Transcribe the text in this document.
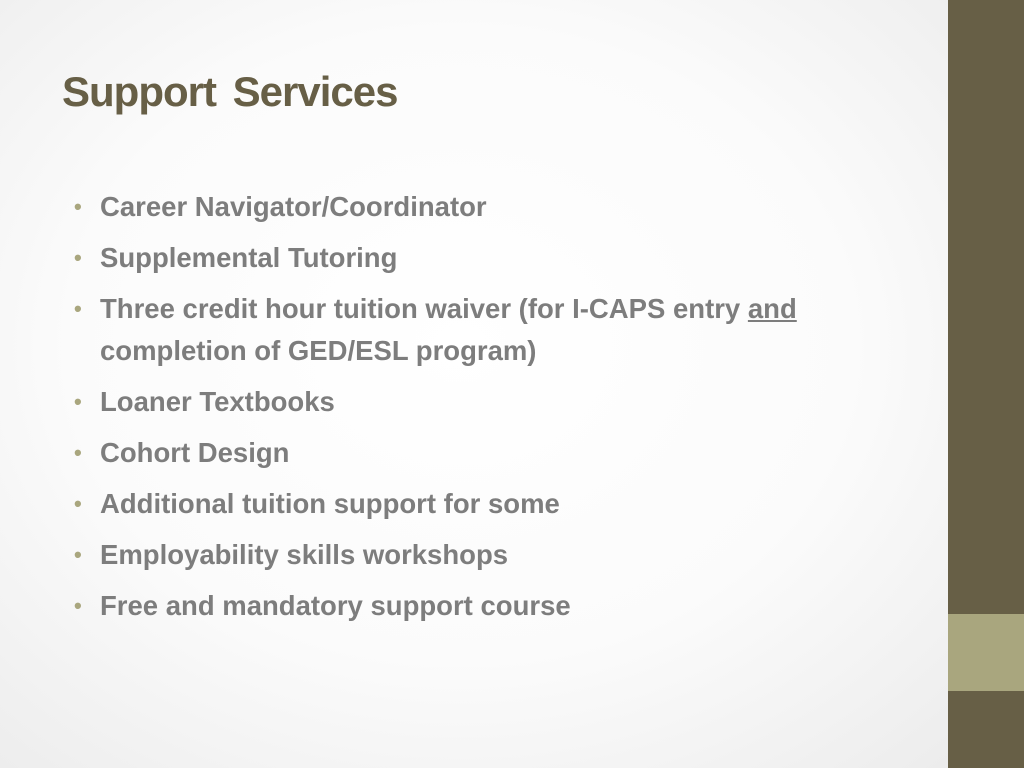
Support Services
• Career Navigator/Coordinator
• Supplemental Tutoring
• Three credit hour tuition waiver (for I-CAPS entry and completion of GED/ESL program)
• Loaner Textbooks
• Cohort Design
• Additional tuition support for some
• Employability skills workshops
• Free and mandatory support course
